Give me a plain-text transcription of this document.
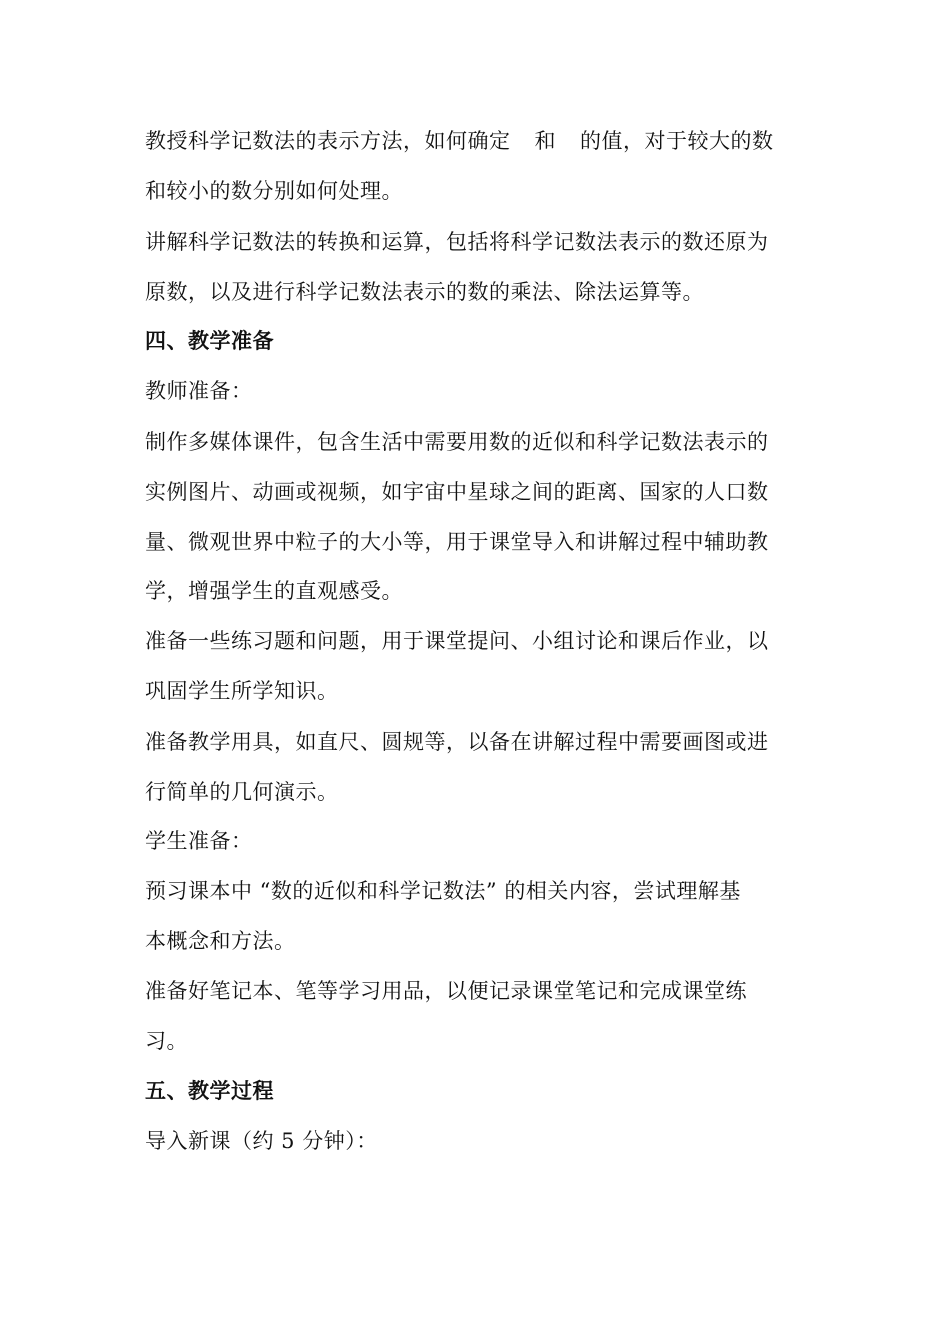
教授科学记数法的表示方法，如何确定 和 的值，对于较大的数
和较小的数分别如何处理。
讲解科学记数法的转换和运算，包括将科学记数法表示的数还原为
原数，以及进行科学记数法表示的数的乘法、除法运算等。
四、教学准备
教师准备：
制作多媒体课件，包含生活中需要用数的近似和科学记数法表示的
实例图片、动画或视频，如宇宙中星球之间的距离、国家的人口数
量、微观世界中粒子的大小等，用于课堂导入和讲解过程中辅助教
学，增强学生的直观感受。
准备一些练习题和问题，用于课堂提问、小组讨论和课后作业，以
巩固学生所学知识。
准备教学用具，如直尺、圆规等，以备在讲解过程中需要画图或进
行简单的几何演示。
学生准备：
预习课本中 “数的近似和科学记数法” 的相关内容，尝试理解基
本概念和方法。
准备好笔记本、笔等学习用品，以便记录课堂笔记和完成课堂练
习。
五、教学过程
导入新课（约 5 分钟）：
